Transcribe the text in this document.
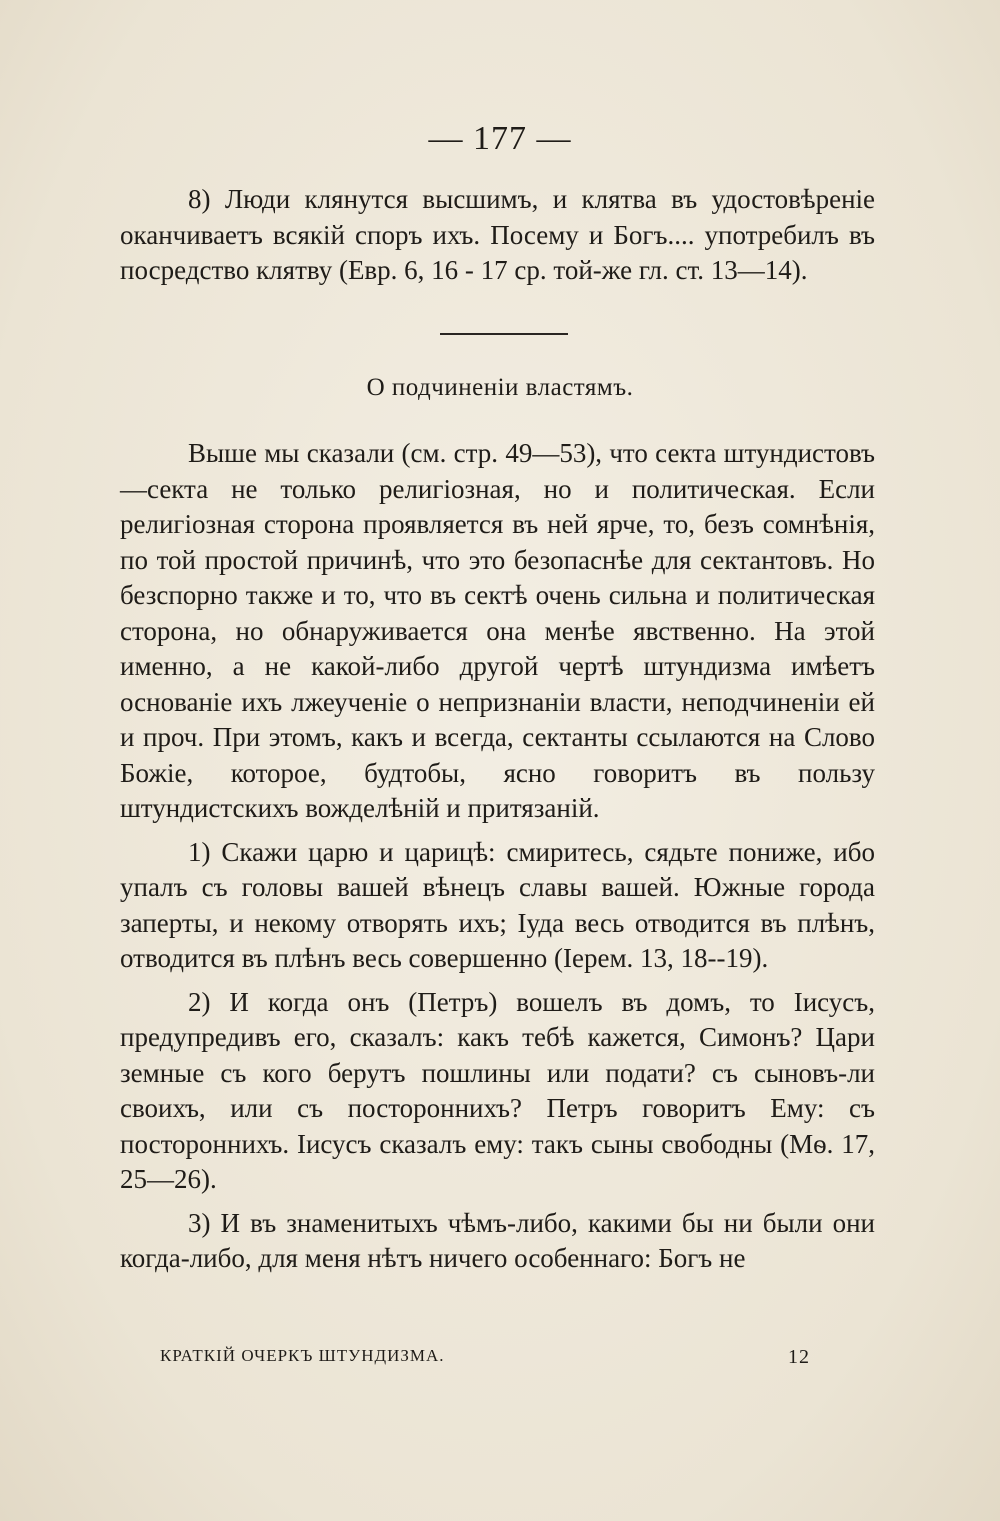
— 177 —

8) Люди клянутся высшимъ, и клятва въ удостовѣренiе оканчиваетъ всякiй споръ ихъ. Посему и Богъ.... употребилъ въ посредство клятву (Евр. 6, 16 - 17 ср. той-же гл. ст. 13—14).

О подчиненiи властямъ.

Выше мы сказали (см. стр. 49—53), что секта штундистовъ—секта не только религiозная, но и политическая. Если религiозная сторона проявляется въ ней ярче, то, безъ сомнѣнiя, по той простой причинѣ, что это безопаснѣе для сектантовъ. Но безспорно также и то, что въ сектѣ очень сильна и политическая сторона, но обнаруживается она менѣе явственно. На этой именно, а не какой-либо другой чертѣ штундизма имѣетъ основанiе ихъ лжеученiе о непризнанiи власти, неподчиненiи ей и проч. При этомъ, какъ и всегда, сектанты ссылаются на Слово Божiе, которое, будтобы, ясно говоритъ въ пользу штундистскихъ вожделѣнiй и притязанiй.

1) Скажи царю и царицѣ: смиритесь, сядьте пониже, ибо упалъ съ головы вашей вѣнецъ славы вашей. Южные города заперты, и некому отворять ихъ; Iуда весь отводится въ плѣнъ, отводится въ плѣнъ весь совершенно (Iерем. 13, 18--19).

2) И когда онъ (Петръ) вошелъ въ домъ, то Iисусъ, предупредивъ его, сказалъ: какъ тебѣ кажется, Симонъ? Цари земные съ кого берутъ пошлины или подати? съ сыновъ-ли своихъ, или съ постороннихъ? Петръ говоритъ Ему: съ постороннихъ. Iисусъ сказалъ ему: такъ сыны свободны (Мѳ. 17, 25—26).

3) И въ знаменитыхъ чѣмъ-либо, какими бы ни были они когда-либо, для меня нѣтъ ничего особеннаго: Богъ не

КРАТКIЙ ОЧЕРКЪ ШТУНДИЗМА.	12
